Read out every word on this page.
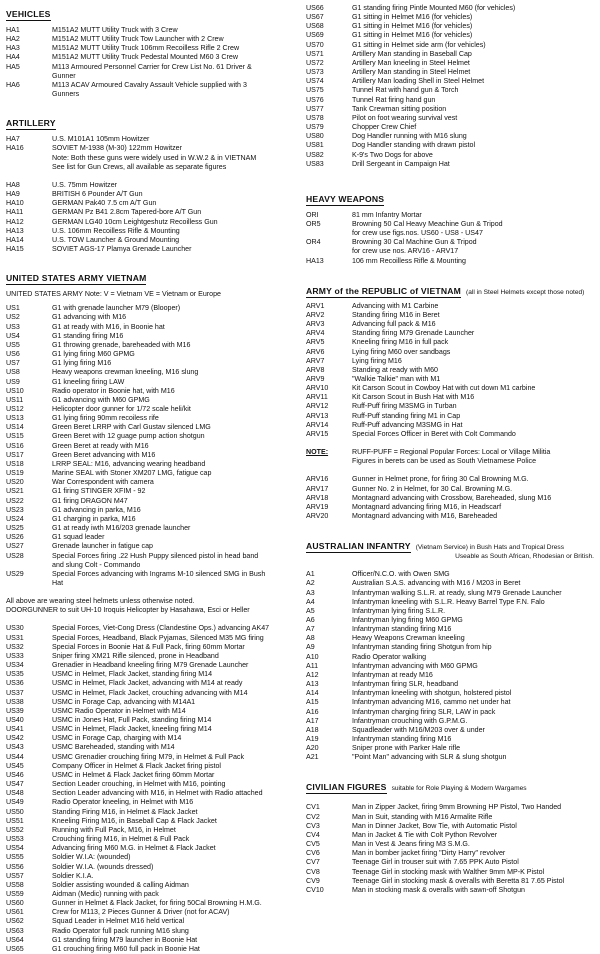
VEHICLES
HA1	M151A2 MUTT Utility Truck with 3 Crew
HA2	M151A2 MUTT Utility Truck Tow Launcher with 2 Crew
HA3	M151A2 MUTT Utility Truck 106mm Recoilless Rifle 2 Crew
HA4	M151A2 MUTT Utility Truck Pedestal Mounted M60 3 Crew
HA5	M113 Armoured Personnel Carrier for Crew List No. 61 Driver &
Gunner
HA6	M113 ACAV Armoured Cavalry Assault Vehicle supplied with 3
Gunners
ARTILLERY
HA7	U.S. M101A1 105mm Howitzer
HA16	SOVIET M-1938 (M-30) 122mm Howitzer
Note: Both these guns were widely used in W.W.2 & in VIETNAM
See list for Gun Crews, all available as separate figures
HA8	U.S. 75mm Howitzer
HA9	BRITISH 6 Pounder A/T Gun
HA10	GERMAN Pak40 7.5 cm A/T Gun
HA11	GERMAN Pz B41 2.8cm Tapered-bore A/T Gun
HA12	GERMAN LG40 10cm Leightgeshutz Recoilless Gun
HA13	U.S. 106mm Recoilless Rifle & Mounting
HA14	U.S. TOW Launcher & Ground Mounting
HA15	SOVIET AGS-17 Plamya Grenade Launcher
UNITED STATES ARMY VIETNAM
UNITED STATES ARMY Note: V = Vietnam VE = Vietnam or Europe
US1	G1 with grenade launcher M79 (Blooper)
US2	G1 advancing with M16
US3	G1 at ready with M16, in Boonie hat
US4	G1 standing firing M16
US5	G1 throwing grenade, bareheaded with M16
US6	G1 lying firing M60 GPMG
US7	G1 lying firing M16
US8	Heavy weapons crewman kneeling, M16 slung
US9	G1 kneeling firing LAW
US10	Radio operator in Boonie hat, with M16
US11	G1 advancing with M60 GPMG
US12	Helicopter door gunner for 1/72 scale heli/kit
US13	G1 lying firing 90mm recoiless rife
US14	Green Beret LRRP with Carl Gustav silenced LMG
US15	Green Beret with 12 guage pump action shotgun
US16	Green Beret at ready with M16
US17	Green Beret advancing with M16
US18	LRRP SEAL: M16, advancing wearing headband
US19	Marine SEAL with Stoner XM207 LMG, fatigue cap
US20	War Correspondent with camera
US21	G1 firing STINGER XFIM - 92
US22	G1 firing DRAGON M47
US23	G1 advancing in parka, M16
US24	G1 charging in parka, M16
US25	G1 at ready iwth M16/203 grenade launcher
US26	G1 squad leader
US27	Grenade launcher in fatigue cap
US28	Special Forces firing .22 Hush Puppy silenced pistol in head band
and slung Colt - Commando
US29	Special Forces advancing with Ingrams M-10 silenced SMG in Bush
Hat
All above are wearing steel helmets unless otherwise noted.
DOORGUNNER to suit UH-10 Iroquis Helicopter by Hasahawa, Esci or Heller
US30	Special Forces, Viet-Cong Dress (Clandestine Ops.) advancing AK47
US31	Special Forces, Headband, Black Pyjamas, Silenced M35 MG firing
US32	Special Forces in Boonie Hat & Full Pack, firing 60mm Mortar
US33	Sniper firing XM21 Rifle silenced, prone in Headband
US34	Grenadier in Headband kneeling firing M79 Grenade Launcher
US35	USMC in Helmet, Flack Jacket, standing firing M14
US36	USMC in Helmet, Flack Jacket, advancing with M14 at ready
US37	USMC in Helmet, Flack Jacket, crouching advancing with M14
US38	USMC in Forage Cap, advancing with M14A1
US39	USMC Radio Operator in Helmet with M14
US40	USMC in Jones Hat, Full Pack, standing firing M14
US41	USMC in Helmet, Flack Jacket, kneeling firing M14
US42	USMC in Forage Cap, charging with M14
US43	USMC Bareheaded, standing with M14
US44	USMC Grenadier crouching firing M79, in Helmet & Full Pack
US45	Company Officer in Helmet & Flack Jacket firing pistol
US46	USMC in Helmet & Flack Jacket firing 60mm Mortar
US47	Section Leader crouching, in Helmet with M16, pointing
US48	Section Leader advancing with M16, in Helmet with Radio attached
US49	Radio Operator kneeling, in Helmet with M16
US50	Standing Firing M16, in Helmet & Flack Jacket
US51	Kneeling Firing M16, in Baseball Cap & Flack Jacket
US52	Running with Full Pack, M16, in Helmet
US53	Crouching firing M16, in Helmet & Full Pack
US54	Advancing firing M60 M.G. in Helmet & Flack Jacket
US55	Soldier W.I.A: (wounded)
US56	Soldier W.I.A. (wounds dressed)
US57	Soldier K.I.A.
US58	Soldier assisting wounded & calling Aidman
US59	Aidman (Medic) running with pack
US60	Gunner in Helmet & Flack Jacket, for firing 50Cal Browning H.M.G.
US61	Crew for M113, 2 Pieces Gunner & Driver (not for ACAV)
US62	Squad Leader in Helmet M16 held vertical
US63	Radio Operator full pack running M16 slung
US64	G1 standing firing M79 launcher in Boonie Hat
US65	G1 crouching firing M60 full pack in Boonie Hat
US66	G1 standing firing Pintle Mounted M60 (for vehicles)
US67	G1 sitting in Helmet M16 (for vehicles)
US68	G1 sitting in Helmet M16 (for vehicles)
US69	G1 sitting in Helmet M16 (for vehicles)
US70	G1 sitting in Helmet side arm (for vehicles)
US71	Artillery Man standing in Baseball Cap
US72	Artillery Man kneeling in Steel Helmet
US73	Artillery Man standing in Steel Helmet
US74	Artillery Man loading Shell in Steel Helmet
US75	Tunnel Rat with hand gun & Torch
US76	Tunnel Rat firing hand gun
US77	Tank Crewman sitting position
US78	Pilot on foot wearing survival vest
US79	Chopper Crew Chief
US80	Dog Handler running with M16 slung
US81	Dog Handler standing with drawn pistol
US82	K-9's Two Dogs for above
US83	Drill Sergeant in Campaign Hat
HEAVY WEAPONS
ORI	81 mm Infantry Mortar
OR5	Browning 50 Cal Heavy Meachine Gun & Tripod
for crew use figs.nos. US60 - US8 - US47
OR4	Browning 30 Cal Machine Gun & Tripod
for crew use nos. ARV16 - ARV17
HA13	106 mm Recoilless Rifle & Mounting
ARMY of the REPUBLIC of VIETNAM (all in Steel Helmets except those noted)
ARV1	Advancing with M1 Carbine
ARV2	Standing firing M16 in Beret
ARV3	Advancing full pack & M16
ARV4	Standing firing M79 Grenade Launcher
ARV5	Kneeling firing M16 in full pack
ARV6	Lying firing M60 over sandbags
ARV7	Lying firing M16
ARV8	Standing at ready with M60
ARV9	"Walkie Talkie" man with M1
ARV10	Kit Carson Scout in Cowboy Hat with cut down M1 carbine
ARV11	Kit Carson Scout in Bush Hat with M16
ARV12	Ruff-Puff firing M3SMG in Turban
ARV13	Ruff-Puff standing firing M1 in Cap
ARV14	Ruff-Puff advancing M3SMG in Hat
ARV15	Special Forces Officer in Beret with Colt Commando
NOTE:	RUFF-PUFF = Regional Popular Forces: Local or Village Militia
Figures in berets can be used as South Vietnamese Police
ARV16	Gunner in Helmet prone, for firing 30 Cal Browning M.G.
ARV17	Gunner No. 2 in Helmet, for 30 Cal. Browning M.G.
ARV18	Montagnard advancing with Crossbow, Bareheaded, slung M16
ARV19	Montagnard advancing firing M16, in Headscarf
ARV20	Montagnard advancing with M16, Bareheaded
AUSTRALIAN INFANTRY (Vietnam Service) in Bush Hats and Tropical Dress
Useable as South African, Rhodesian or British.
A1	Officer/N.C.O. with Owen SMG
A2	Australian S.A.S. advancing with M16 / M203 in Beret
A3	Infantryman walking S.L.R. at ready, slung M79 Grenade Launcher
A4	Infantryman kneeling with S.L.R. Heavy Barrel Type F.N. Falo
A5	Infantryman lying firing S.L.R.
A6	Infantryman lying firing M60 GPMG
A7	Infantryman standing firing M16
A8	Heavy Weapons Crewman kneeling
A9	Infantryman standing firing Shotgun from hip
A10	Radio Operator walking
A11	Infantryman advancing with M60 GPMG
A12	Infantryman at ready M16
A13	Infantryman firing SLR, headband
A14	Infantryman kneeling with shotgun, holstered pistol
A15	Infantryman advancing M16, cammo net under hat
A16	Infantryman charging firing SLR, LAW in pack
A17	Infantryman crouching with G.P.M.G.
A18	Squadleader with M16/M203 over & under
A19	Infantryman standing firing M16
A20	Sniper prone with Parker Hale rifle
A21	"Point Man" advancing with SLR & slung shotgun
CIVILIAN FIGURES suitable for Role Playing & Modern Wargames
CV1	Man in Zipper Jacket, firing 9mm Browning HP Pistol, Two Handed
CV2	Man in Suit, standing with M16 Armalite Rifle
CV3	Man in Dinner Jacket, Bow Tie, with Automatic Pistol
CV4	Man in Jacket & Tie with Colt Python Revolver
CV5	Man in Vest & Jeans firing M3 S.M.G.
CV6	Man in bomber jacket firing "Dirty Harry" revolver
CV7	Teenage Girl in trouser suit with 7.65 PPK Auto Pistol
CV8	Teenage Girl in stocking mask with Walther 9mm MP-K Pistol
CV9	Teenage Girl in stocking mask & overalls with Beretta 81 7.65 Pistol
CV10	Man in stocking mask & overalls with sawn-off Shotgun
